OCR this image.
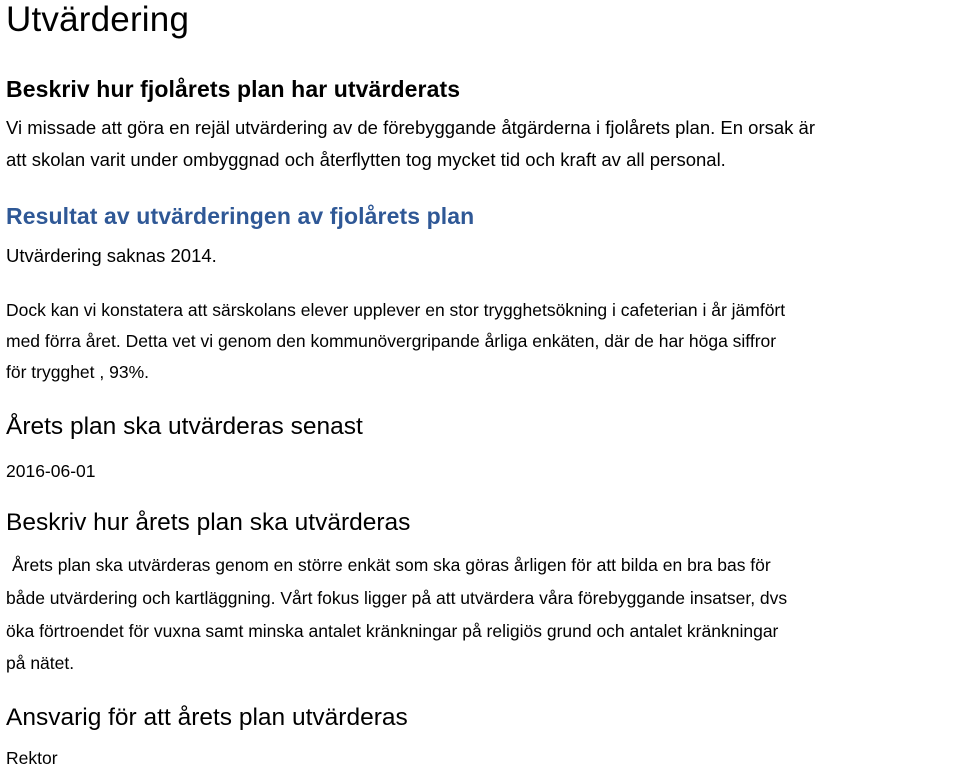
Utvärdering
Beskriv hur fjolårets plan har utvärderats

Vi missade att göra en rejäl utvärdering av de förebyggande åtgärderna i fjolårets plan. En orsak är

att skolan varit under ombyggnad och återflytten tog mycket tid och kraft av all personal.

Resultat av utvärderingen av fjolårets plan

Utvärdering saknas 2014.

Dock kan vi konstatera att särskolans elever upplever en stor trygghetsökning i cafeterian i år jämfört

med förra året. Detta vet vi genom den kommunövergripande årliga enkäten, där de har höga siffror

för trygghet , 93%.

Årets plan ska utvärderas senast

2016-06-01

Beskriv hur årets plan ska utvärderas

Årets plan ska utvärderas genom en större enkät som ska göras årligen för att bilda en bra bas för

både utvärdering och kartläggning. Vårt fokus ligger på att utvärdera våra förebyggande insatser, dvs

öka förtroendet för vuxna samt minska antalet kränkningar på religiös grund och antalet kränkningar

på nätet.

Ansvarig för att årets plan utvärderas

Rektor
